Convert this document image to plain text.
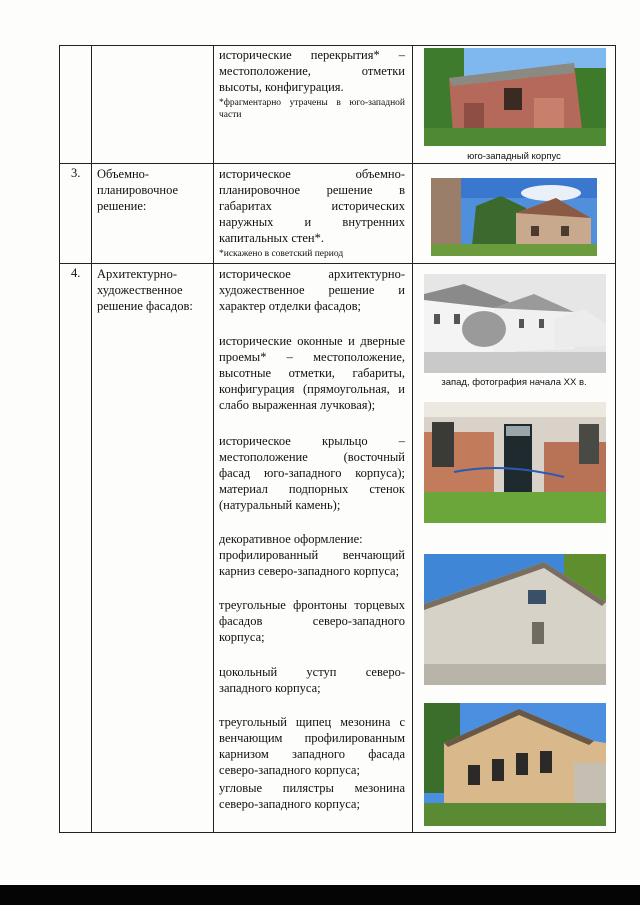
исторические перекрытия* –
местоположение,	отметки
высоты, конфигурация.
*фрагментарно утрачены в юго-западной части
юго-западный корпус
3. Объемно-планировочное решение:
историческое объемно-планировочное решение в габаритах исторических наружных и внутренних капитальных стен*.
*искажено в советский период
4. Архитектурно-художественное решение фасадов:
историческое архитектурно-художественное решение и характер отделки фасадов;
исторические оконные и дверные проемы* – местоположение, высотные отметки, габариты, конфигурация (прямоугольная, и слабо выраженная лучковая);
историческое крыльцо – местоположение (восточный фасад юго-западного корпуса); материал подпорных стенок (натуральный камень);
декоративное оформление:
профилированный венчающий карниз северо-западного корпуса;
треугольные фронтоны торцевых фасадов северо-западного корпуса;
цокольный уступ северо-западного корпуса;
треугольный щипец мезонина с венчающим профилированным карнизом западного фасада северо-западного корпуса;
угловые пилястры мезонина северо-западного корпуса;
запад, фотография начала ХХ в.
